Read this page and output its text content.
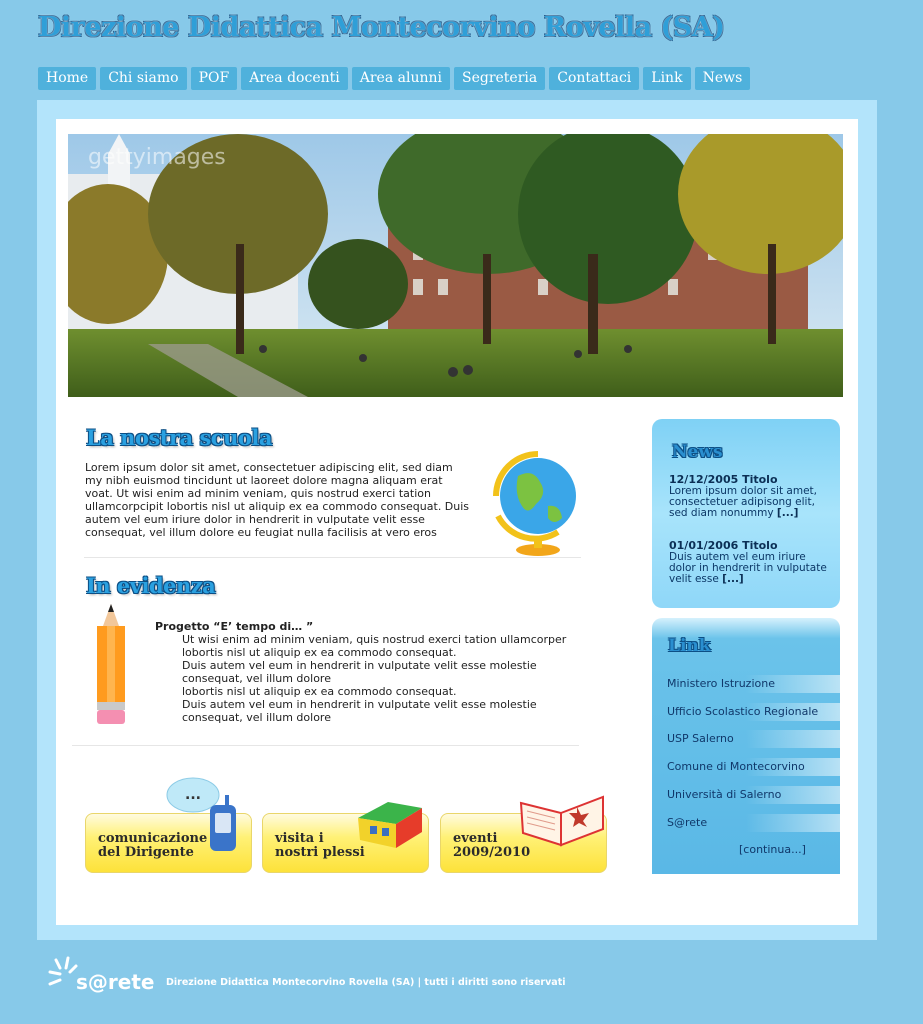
Direzione Didattica Montecorvino Rovella (SA)
Home	Chi siamo	POF	Area docenti	Area alunni	Segreteria	Contattaci	Link	News
gettyimages
La nostra scuola
Lorem ipsum dolor sit amet, consectetuer adipiscing elit, sed diam my nibh euismod tincidunt ut laoreet dolore magna aliquam erat voat. Ut wisi enim ad minim veniam, quis nostrud exerci tation ullamcorpcipit lobortis nisl ut aliquip ex ea commodo consequat. Duis autem vel eum iriure dolor in hendrerit in vulputate velit esse consequat, vel illum dolore eu feugiat nulla facilisis at vero eros
In evidenza
Progetto “E’ tempo di… ”
Ut wisi enim ad minim veniam, quis nostrud exerci tation ullamcorper
lobortis nisl ut aliquip ex ea commodo consequat.
Duis autem vel eum in hendrerit in vulputate velit esse molestie
consequat, vel illum dolore
lobortis nisl ut aliquip ex ea commodo consequat.
Duis autem vel eum in hendrerit in vulputate velit esse molestie
consequat, vel illum dolore
comunicazione
del Dirigente
...
visita i
nostri plessi
eventi
2009/2010
News
12/12/2005 Titolo
Lorem ipsum dolor sit amet, consectetuer adipisong elit, sed diam nonummy [...]
01/01/2006 Titolo
Duis autem vel eum iriure dolor in hendrerit in vulputate velit esse [...]
Link
Ministero Istruzione
Ufficio Scolastico Regionale
USP Salerno
Comune di Montecorvino
Università di Salerno
S@rete
[continua...]
s@rete Direzione Didattica Montecorvino Rovella (SA) | tutti i diritti sono riservati
